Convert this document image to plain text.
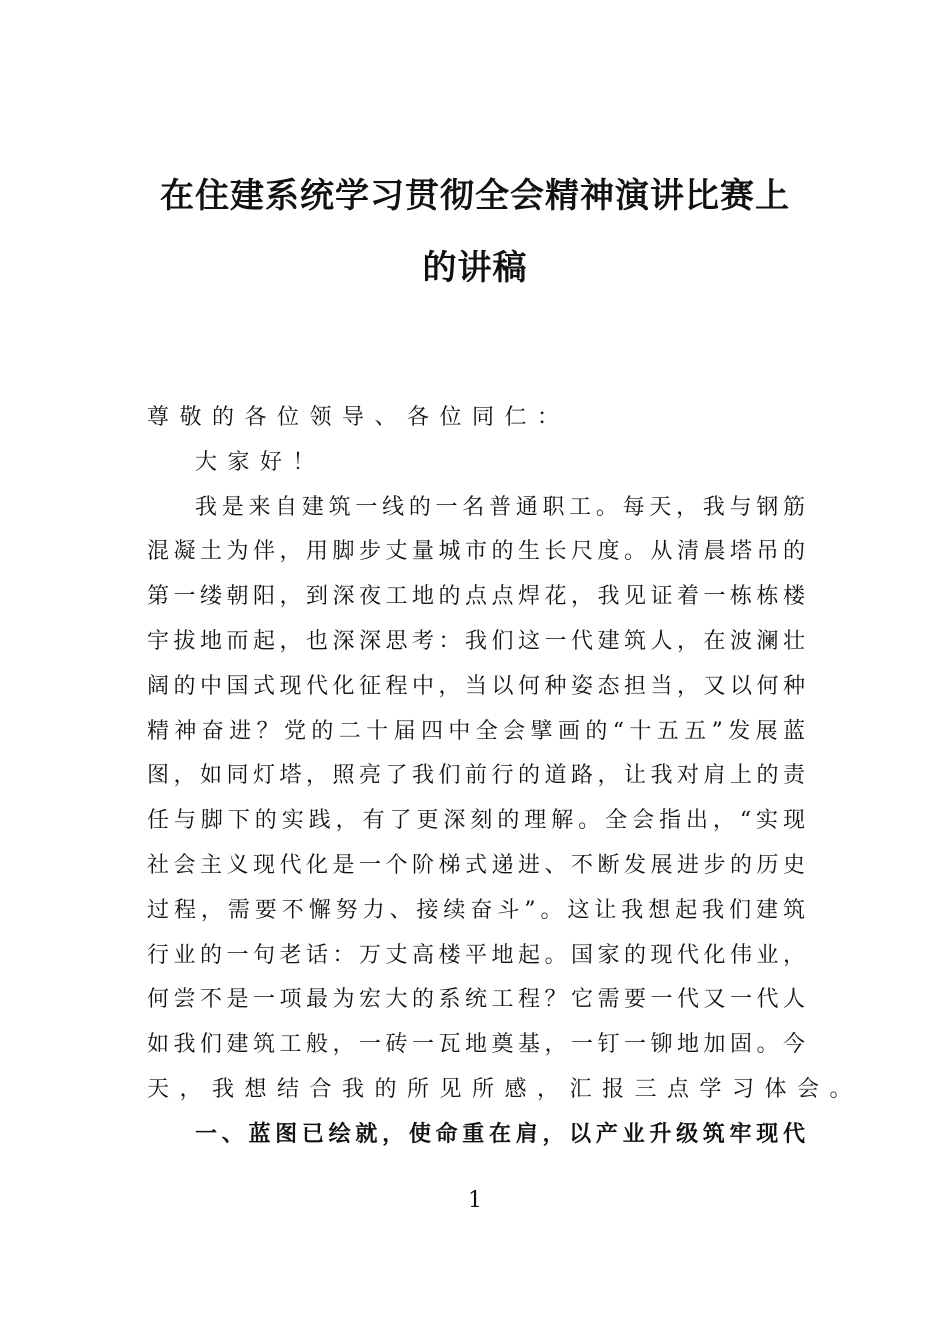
在住建系统学习贯彻全会精神演讲比赛上
的讲稿
尊敬的各位领导、各位同仁：
大家好！
我是来自建筑一线的一名普通职工。每天，我与钢筋
混凝土为伴，用脚步丈量城市的生长尺度。从清晨塔吊的
第一缕朝阳，到深夜工地的点点焊花，我见证着一栋栋楼
宇拔地而起，也深深思考：我们这一代建筑人，在波澜壮
阔的中国式现代化征程中，当以何种姿态担当，又以何种
精神奋进？党的二十届四中全会擘画的“十五五”发展蓝
图，如同灯塔，照亮了我们前行的道路，让我对肩上的责
任与脚下的实践，有了更深刻的理解。全会指出，“实现
社会主义现代化是一个阶梯式递进、不断发展进步的历史
过程，需要不懈努力、接续奋斗”。这让我想起我们建筑
行业的一句老话：万丈高楼平地起。国家的现代化伟业，
何尝不是一项最为宏大的系统工程？它需要一代又一代人
如我们建筑工般，一砖一瓦地奠基，一钉一铆地加固。今
天，我想结合我的所见所感，汇报三点学习体会。
一、蓝图已绘就，使命重在肩，以产业升级筑牢现代
1
